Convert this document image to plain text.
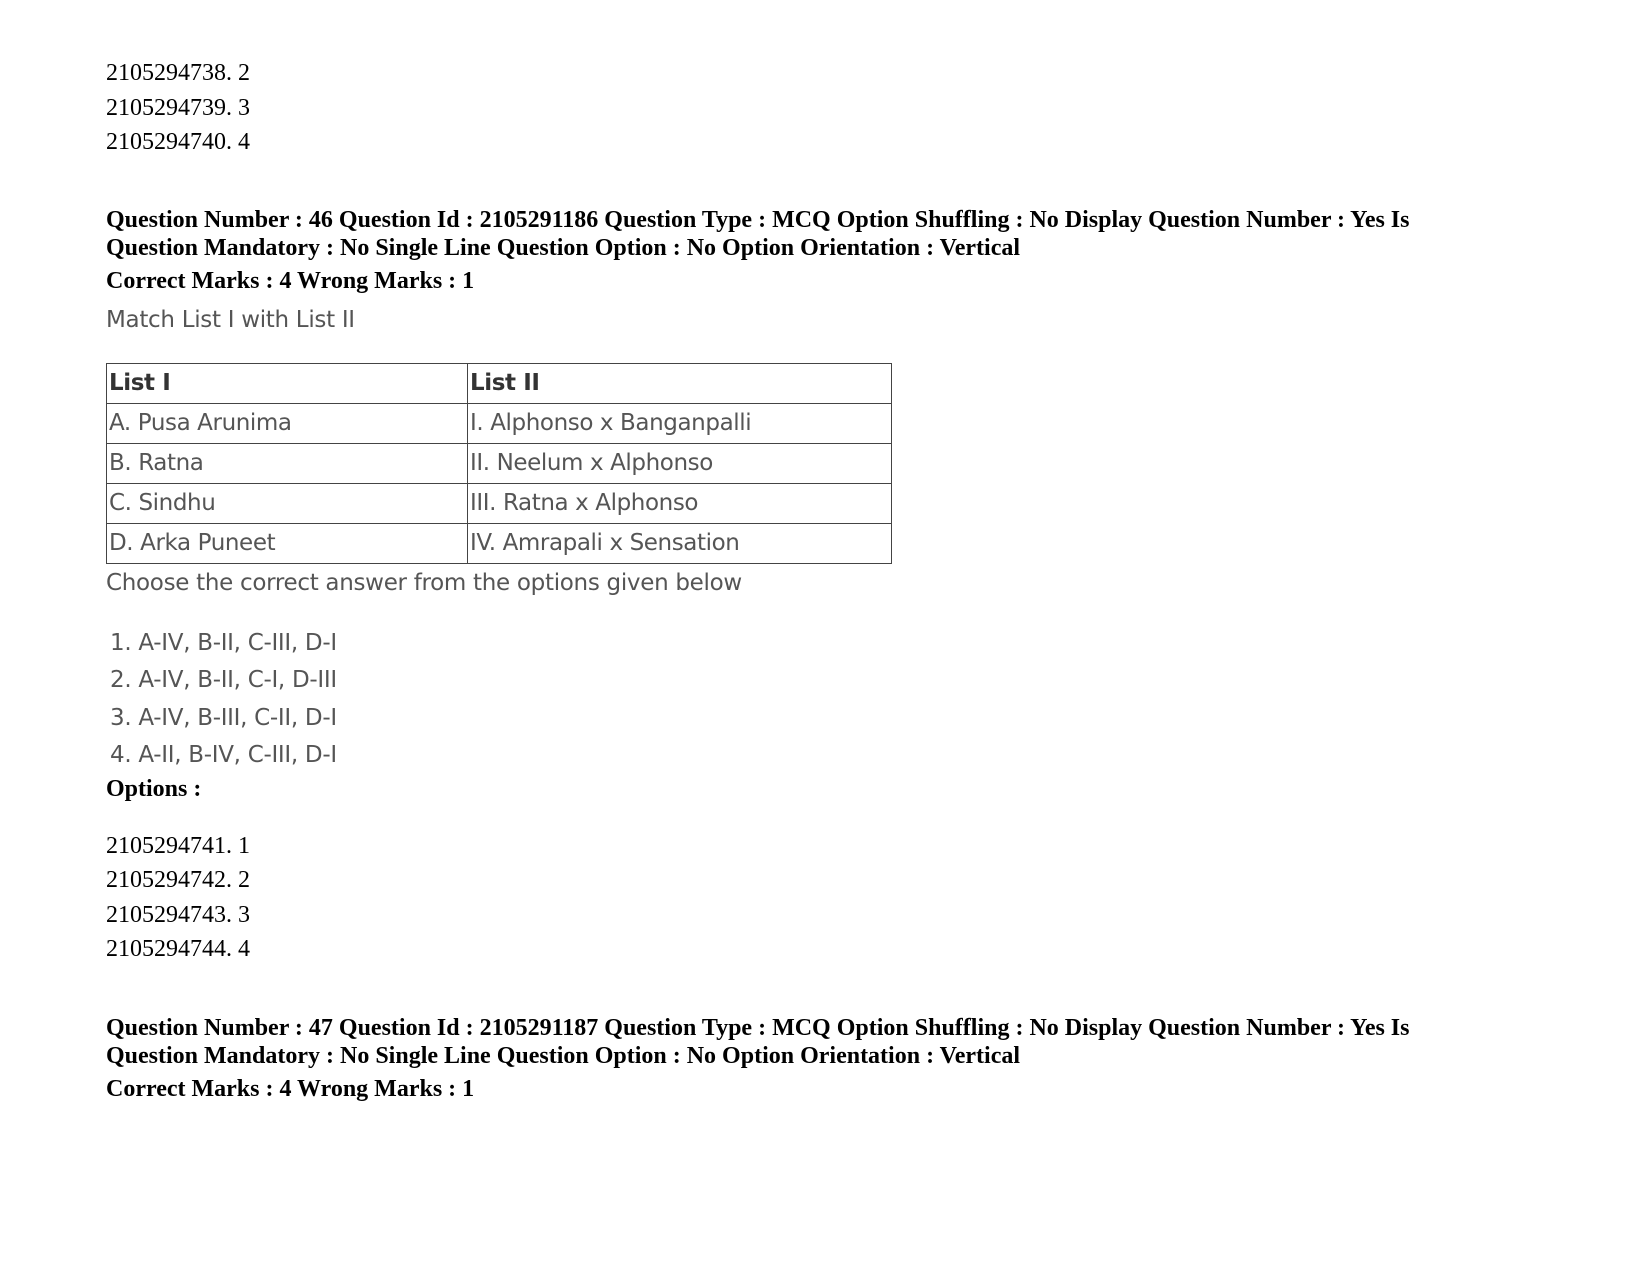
2105294738. 2

2105294739. 3

2105294740. 4

Question Number : 46 Question Id : 2105291186 Question Type : MCQ Option Shuffling : No Display Question Number : Yes Is

Question Mandatory : No Single Line Question Option : No Option Orientation : Vertical

Correct Marks : 4 Wrong Marks : 1

Match List I with List II
List I	List II
A. Pusa Arunima	I. Alphonso x Banganpalli
B. Ratna	II. Neelum x Alphonso
C. Sindhu	III. Ratna x Alphonso
D. Arka Puneet	IV. Amrapali x Sensation
Choose the correct answer from the options given below
1. A-IV, B-II, C-III, D-I
2. A-IV, B-II, C-I, D-III
3. A-IV, B-III, C-II, D-I
4. A-II, B-IV, C-III, D-I

Options :

2105294741. 1

2105294742. 2

2105294743. 3

2105294744. 4

Question Number : 47 Question Id : 2105291187 Question Type : MCQ Option Shuffling : No Display Question Number : Yes Is

Question Mandatory : No Single Line Question Option : No Option Orientation : Vertical

Correct Marks : 4 Wrong Marks : 1
